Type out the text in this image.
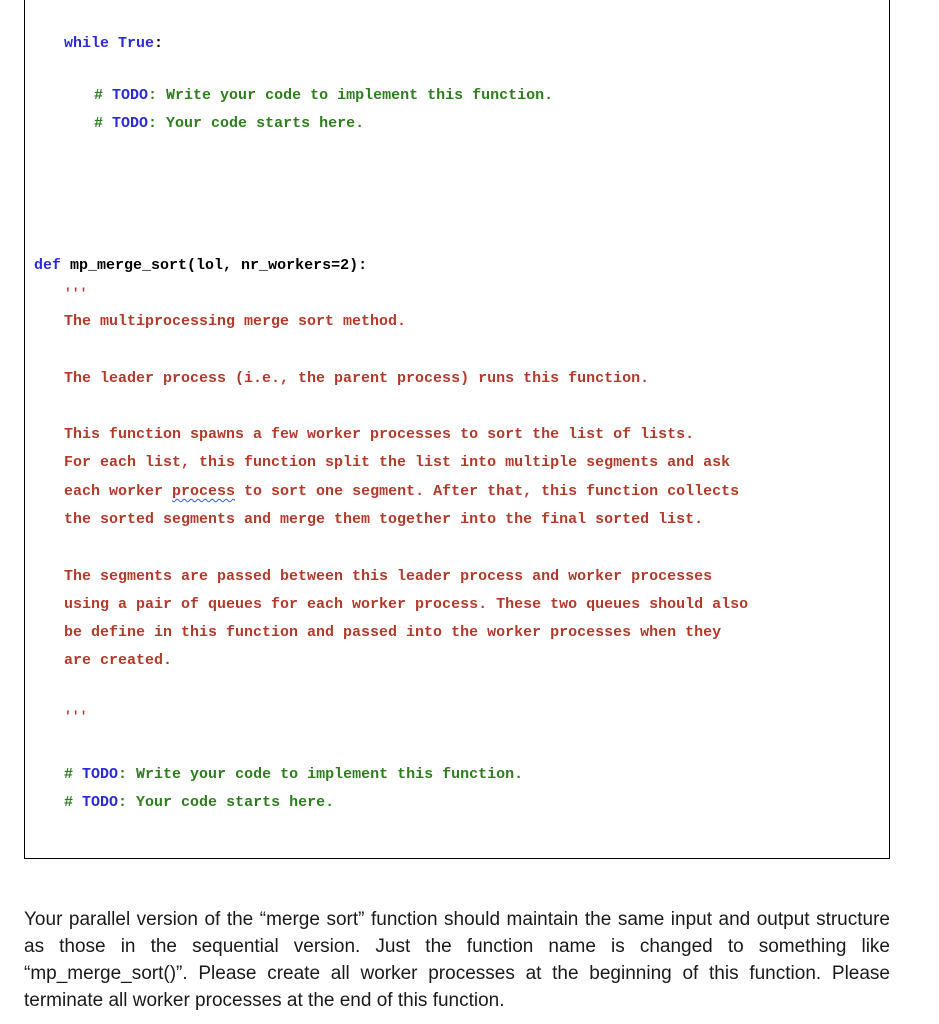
while True:
# TODO: Write your code to implement this function.
# TODO: Your code starts here.
def mp_merge_sort(lol, nr_workers=2):
'''
The multiprocessing merge sort method.
The leader process (i.e., the parent process) runs this function.
This function spawns a few worker processes to sort the list of lists.
For each list, this function split the list into multiple segments and ask
each worker process to sort one segment. After that, this function collects
the sorted segments and merge them together into the final sorted list.
The segments are passed between this leader process and worker processes
using a pair of queues for each worker process. These two queues should also
be define in this function and passed into the worker processes when they
are created.
'''
# TODO: Write your code to implement this function.
# TODO: Your code starts here.

Your parallel version of the “merge sort” function should maintain the same input and output structure as those in the sequential version. Just the function name is changed to something like “mp_merge_sort()”. Please create all worker processes at the beginning of this function. Please terminate all worker processes at the end of this function.
